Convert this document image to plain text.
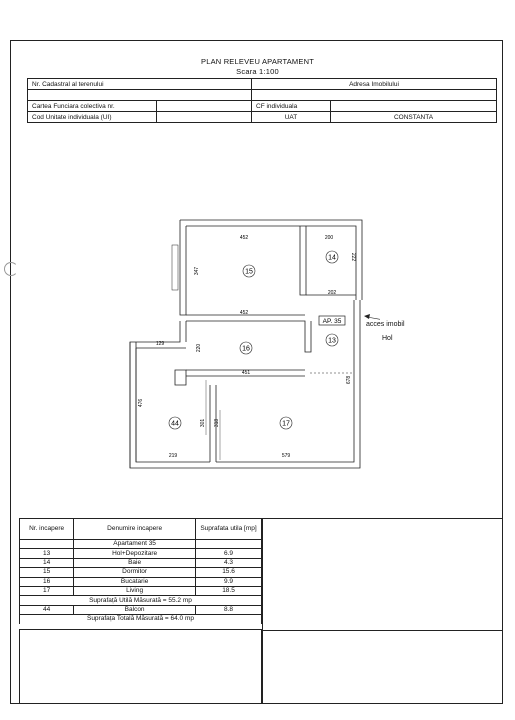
PLAN RELEVEU APARTAMENT
Scara 1:100
Nr. Cadastral al terenului	Adresa Imobilului	

Cartea Funciara colectiva nr.	CF individuala	
Cod Unitate individuala (UI)	UAT	CONSTANTA
15
14
16
13
44	17
452	200
222
347
202
452
129	220
451
678
476
301 318
219	579
AP. 35	acces imobil
Hol
Nr. incapere	Denumire incapere	Suprafata utila [mp]
	Apartament 35	
13	Hol+Depozitare	6.9
14	Baie	4.3
15	Dormitor	15.6
16	Bucatarie	9.9
17	Living	18.5
Suprafață Utilă Măsurată = 55.2 mp		
44	Balcon	8.8
Suprafața Totală Măsurată = 64.0 mp		
